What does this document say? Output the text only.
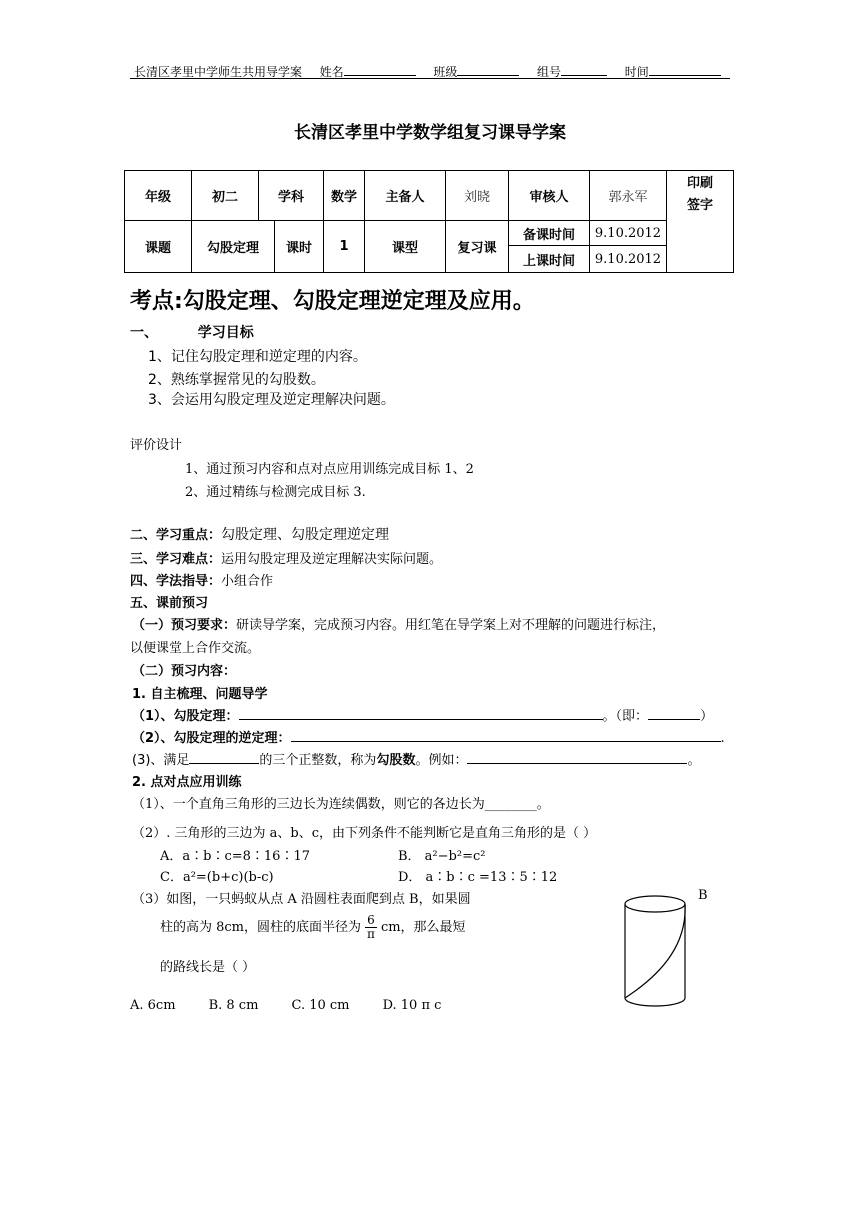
长清区孝里中学师生共用导学案 姓名	班级	组号	时间
长清区孝里中学数学组复习课导学案
年级	初二	学科		数学	主备人	刘晓	审核人	郭永军	印刷签字
课题	勾股定理		课时	1	课型	复习课	备课时间	9.10.2012	
							上课时间	9.10.2012	
考点:勾股定理、勾股定理逆定理及应用。
一、	学习目标
1、记住勾股定理和逆定理的内容。
2、熟练掌握常见的勾股数。
3、会运用勾股定理及逆定理解决问题。
评价设计
1、通过预习内容和点对点应用训练完成目标 1、2
2、通过精练与检测完成目标 3.
二、学习重点：勾股定理、勾股定理逆定理
三、学习难点：运用勾股定理及逆定理解决实际问题。
四、学法指导：小组合作
五、课前预习
（一）预习要求：研读导学案，完成预习内容。用红笔在导学案上对不理解的问题进行标注，
以便课堂上合作交流。
（二）预习内容：
1. 自主梳理、问题导学
（1）、勾股定理：	。（即：	）
（2）、勾股定理的逆定理：	.
(3)、满足	的三个正整数，称为勾股数。例如：	。
2. 点对点应用训练
（1）、一个直角三角形的三边长为连续偶数，则它的各边长为________。
（2）. 三角形的三边为 a、b、c，由下列条件不能判断它是直角三角形的是（ ）
A．a∶b∶c=8∶16∶17	B． a²−b²=c²
C．a²=(b+c)(b-c)	D． a∶b∶c =13∶5∶12
（3）如图，一只蚂蚁从点 A 沿圆柱表面爬到点 B，如果圆
柱的高为 8cm，圆柱的底面半径为 $\frac{6}{\pi}$ cm，那么最短
的路线长是（ ）
A. 6cm        B. 8 cm        C. 10 cm        D. 10 π c
B
